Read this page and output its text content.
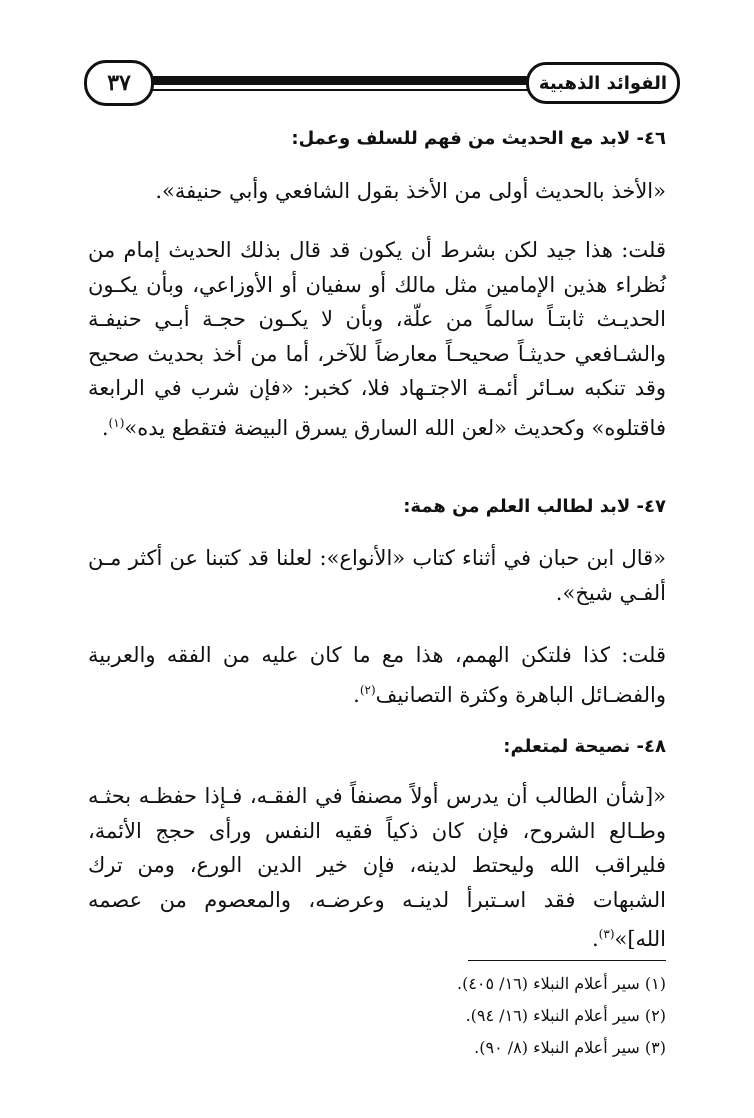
٣٧	الفوائد الذهبية
٤٦- لابد مع الحديث من فهم للسلف وعمل:
«الأخذ بالحديث أولى من الأخذ بقول الشافعي وأبي حنيفة».
قلت: هذا جيد لكن بشرط أن يكون قد قال بذلك الحديث إمام من نُظراء هذين الإمامين مثل مالك أو سفيان أو الأوزاعي، وبأن يكـون الحديـث ثابتـاً سالماً من علّة، وبأن لا يكـون حجـة أبـي حنيفـة والشـافعي حديثـاً صحيحـاً معارضاً للآخر، أما من أخذ بحديث صحيح وقد تنكبه سـائر أئمـة الاجتـهاد فلا، كخبر: «فإن شرب في الرابعة فاقتلوه» وكحديث «لعن الله السارق يسرق البيضة فتقطع يده»$^{(١)}$.
٤٧- لابد لطالب العلم من همة:
«قال ابن حبان في أثناء كتاب «الأنواع»: لعلنا قد كتبنا عن أكثر مـن ألفـي شيخ».
قلت: كذا فلتكن الهمم، هذا مع ما كان عليه من الفقه والعربية والفضـائل الباهرة وكثرة التصانيف$^{(٢)}$.
٤٨- نصيحة لمتعلم:
«[شأن الطالب أن يدرس أولاً مصنفاً في الفقـه، فـإذا حفظـه بحثـه وطـالع الشروح، فإن كان ذكياً فقيه النفس ورأى حجج الأئمة، فليراقب الله وليحتط لدينه، فإن خير الدين الورع، ومن ترك الشبهات فقد اسـتبرأ لدينـه وعرضـه، والمعصوم من عصمه الله]»$^{(٣)}$.
(١) سير أعلام النبلاء (١٦/ ٤٠٥).
(٢) سير أعلام النبلاء (١٦/ ٩٤).
(٣) سير أعلام النبلاء (٨/ ٩٠).
